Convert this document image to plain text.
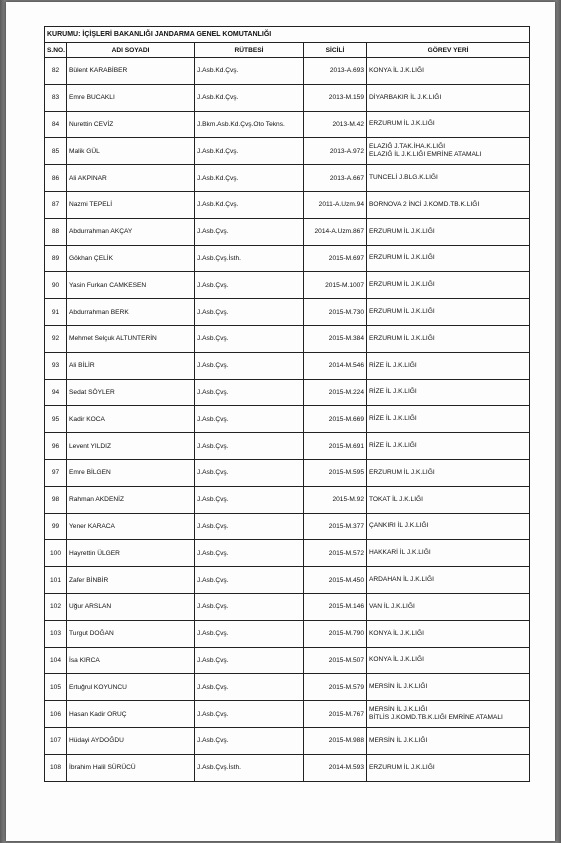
KURUMU: İÇİŞLERİ BAKANLIĞI JANDARMA GENEL KOMUTANLIĞI				
S.NO.	ADI SOYADI	RÜTBESİ	SİCİLİ	GÖREV YERİ
82	Bülent KARABİBER	J.Asb.Kd.Çvş.	2013-A.693	KONYA İL J.K.LIĞI

83	Emre BUCAKLI	J.Asb.Kd.Çvş.	2013-M.159	DİYARBAKIR İL J.K.LIĞI

84	Nurettin CEVİZ	J.Bkm.Asb.Kd.Çvş.Oto Tekns.	2013-M.42	ERZURUM İL J.K.LIĞI

85	Malik GÜL	J.Asb.Kd.Çvş.	2013-A.972	ELAZIĞ J.TAK.İHA.K.LIĞI
ELAZIĞ İL J.K.LIĞI EMRİNE ATAMALI

86	Ali AKPINAR	J.Asb.Kd.Çvş.	2013-A.667	TUNCELİ J.BLG.K.LIĞI

87	Nazmi TEPELİ	J.Asb.Kd.Çvş.	2011-A.Uzm.94	BORNOVA 2 İNCİ J.KOMD.TB.K.LIĞI

88	Abdurrahman AKÇAY	J.Asb.Çvş.	2014-A.Uzm.867	ERZURUM İL J.K.LIĞI

89	Gökhan ÇELİK	J.Asb.Çvş.İsth.	2015-M.697	ERZURUM İL J.K.LIĞI

90	Yasin Furkan CAMKESEN	J.Asb.Çvş.	2015-M.1007	ERZURUM İL J.K.LIĞI

91	Abdurrahman BERK	J.Asb.Çvş.	2015-M.730	ERZURUM İL J.K.LIĞI

92	Mehmet Selçuk ALTUNTERİN	J.Asb.Çvş.	2015-M.384	ERZURUM İL J.K.LIĞI

93	Ali BİLİR	J.Asb.Çvş.	2014-M.546	RİZE İL J.K.LIĞI

94	Sedat SÖYLER	J.Asb.Çvş.	2015-M.224	RİZE İL J.K.LIĞI

95	Kadir KOCA	J.Asb.Çvş.	2015-M.669	RİZE İL J.K.LIĞI

96	Levent YILDIZ	J.Asb.Çvş.	2015-M.691	RİZE İL J.K.LIĞI

97	Emre BİLGEN	J.Asb.Çvş.	2015-M.595	ERZURUM İL J.K.LIĞI

98	Rahman AKDENİZ	J.Asb.Çvş.	2015-M.92	TOKAT İL J.K.LIĞI

99	Yener KARACA	J.Asb.Çvş.	2015-M.377	ÇANKIRI İL J.K.LIĞI

100	Hayrettin ÜLGER	J.Asb.Çvş.	2015-M.572	HAKKARİ İL J.K.LIĞI

101	Zafer BİNBİR	J.Asb.Çvş.	2015-M.450	ARDAHAN İL J.K.LIĞI

102	Uğur ARSLAN	J.Asb.Çvş.	2015-M.146	VAN İL J.K.LIĞI

103	Turgut DOĞAN	J.Asb.Çvş.	2015-M.790	KONYA İL J.K.LIĞI

104	İsa KIRCA	J.Asb.Çvş.	2015-M.507	KONYA İL J.K.LIĞI

105	Ertuğrul KOYUNCU	J.Asb.Çvş.	2015-M.579	MERSİN İL J.K.LIĞI

106	Hasan Kadir ORUÇ	J.Asb.Çvş.	2015-M.767	MERSİN İL J.K.LIĞI
BİTLİS J.KOMD.TB.K.LIĞI EMRİNE ATAMALI

107	Hüdayi AYDOĞDU	J.Asb.Çvş.	2015-M.988	MERSİN İL J.K.LIĞI

108	İbrahim Halil SÜRÜCÜ	J.Asb.Çvş.İsth.	2014-M.593	ERZURUM İL J.K.LIĞI
